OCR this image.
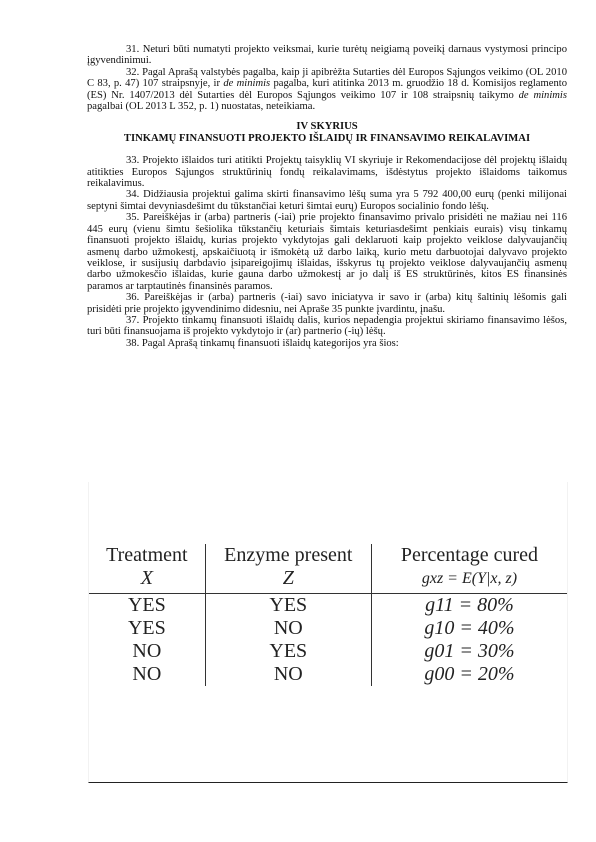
31. Neturi būti numatyti projekto veiksmai, kurie turėtų neigiamą poveikį darnaus vystymosi principo įgyvendinimui.

32. Pagal Aprašą valstybės pagalba, kaip ji apibrėžta Sutarties dėl Europos Sąjungos veikimo (OL 2010 C 83, p. 47) 107 straipsnyje, ir de minimis pagalba, kuri atitinka 2013 m. gruodžio 18 d. Komisijos reglamento (ES) Nr. 1407/2013 dėl Sutarties dėl Europos Sąjungos veikimo 107 ir 108 straipsnių taikymo de minimis pagalbai (OL 2013 L 352, p. 1) nuostatas, neteikiama.

IV SKYRIUS
TINKAMŲ FINANSUOTI PROJEKTO IŠLAIDŲ IR FINANSAVIMO REIKALAVIMAI

33. Projekto išlaidos turi atitikti Projektų taisyklių VI skyriuje ir Rekomendacijose dėl projektų išlaidų atitikties Europos Sąjungos struktūrinių fondų reikalavimams, išdėstytus projekto išlaidoms taikomus reikalavimus.

34. Didžiausia projektui galima skirti finansavimo lėšų suma yra 5 792 400,00 eurų (penki milijonai septyni šimtai devyniasdešimt du tūkstančiai keturi šimtai eurų) Europos socialinio fondo lėšų.

35. Pareiškėjas ir (arba) partneris (-iai) prie projekto finansavimo privalo prisidėti ne mažiau nei 116 445 eurų (vienu šimtu šešiolika tūkstančių keturiais šimtais keturiasdešimt penkiais eurais) visų tinkamų finansuoti projekto išlaidų, kurias projekto vykdytojas gali deklaruoti kaip projekto veiklose dalyvaujančių asmenų darbo užmokestį, apskaičiuotą ir išmokėtą už darbo laiką, kurio metu darbuotojai dalyvavo projekto veiklose, ir susijusių darbdavio įsipareigojimų išlaidas, išskyrus tų projekto veiklose dalyvaujančių asmenų darbo užmokesčio išlaidas, kurie gauna darbo užmokestį ar jo dalį iš ES struktūrinės, kitos ES finansinės paramos ar tarptautinės finansinės paramos.

36. Pareiškėjas ir (arba) partneris (-iai) savo iniciatyva ir savo ir (arba) kitų šaltinių lėšomis gali prisidėti prie projekto įgyvendinimo didesniu, nei Apraše 35 punkte įvardintu, įnašu.

37. Projekto tinkamų finansuoti išlaidų dalis, kurios nepadengia projektui skiriamo finansavimo lėšos, turi būti finansuojama iš projekto vykdytojo ir (ar) partnerio (-ių) lėšų.

38. Pagal Aprašą tinkamų finansuoti išlaidų kategorijos yra šios:

Treatment	Enzyme present	Percentage cured
X	Z	gxz = E(Y|x, z)
YES	YES	g11 = 80%
YES	NO	g10 = 40%
NO	YES	g01 = 30%
NO	NO	g00 = 20%
